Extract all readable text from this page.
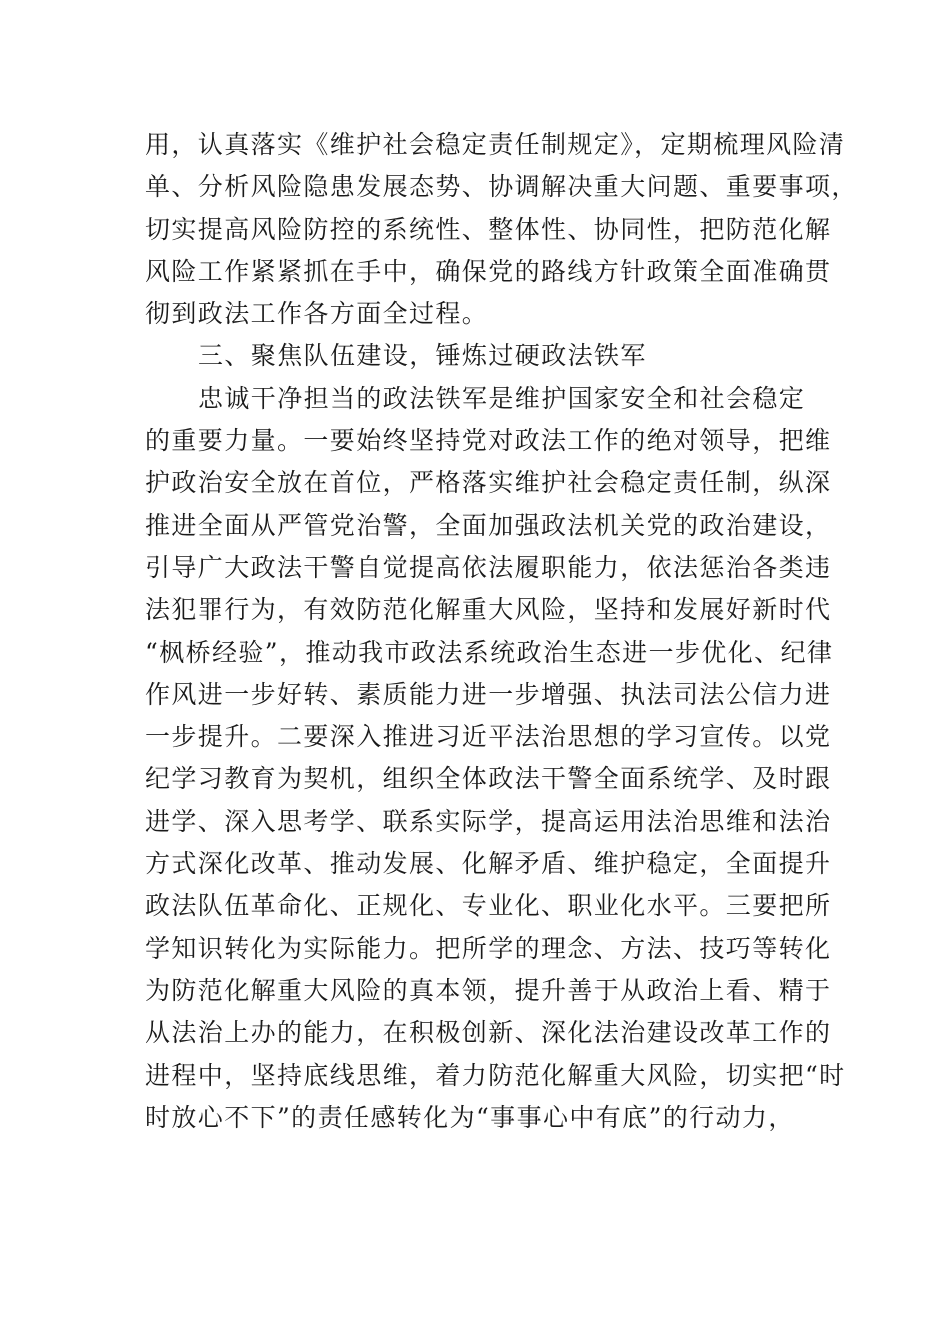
用，认真落实《维护社会稳定责任制规定》，定期梳理风险清
单、分析风险隐患发展态势、协调解决重大问题、重要事项，
切实提高风险防控的系统性、整体性、协同性，把防范化解
风险工作紧紧抓在手中，确保党的路线方针政策全面准确贯
彻到政法工作各方面全过程。
三、聚焦队伍建设，锤炼过硬政法铁军
忠诚干净担当的政法铁军是维护国家安全和社会稳定
的重要力量。一要始终坚持党对政法工作的绝对领导，把维
护政治安全放在首位，严格落实维护社会稳定责任制，纵深
推进全面从严管党治警，全面加强政法机关党的政治建设，
引导广大政法干警自觉提高依法履职能力，依法惩治各类违
法犯罪行为，有效防范化解重大风险，坚持和发展好新时代
“枫桥经验”，推动我市政法系统政治生态进一步优化、纪律
作风进一步好转、素质能力进一步增强、执法司法公信力进
一步提升。二要深入推进习近平法治思想的学习宣传。以党
纪学习教育为契机，组织全体政法干警全面系统学、及时跟
进学、深入思考学、联系实际学，提高运用法治思维和法治
方式深化改革、推动发展、化解矛盾、维护稳定，全面提升
政法队伍革命化、正规化、专业化、职业化水平。三要把所
学知识转化为实际能力。把所学的理念、方法、技巧等转化
为防范化解重大风险的真本领，提升善于从政治上看、精于
从法治上办的能力，在积极创新、深化法治建设改革工作的
进程中，坚持底线思维，着力防范化解重大风险，切实把“时
时放心不下”的责任感转化为“事事心中有底”的行动力，
